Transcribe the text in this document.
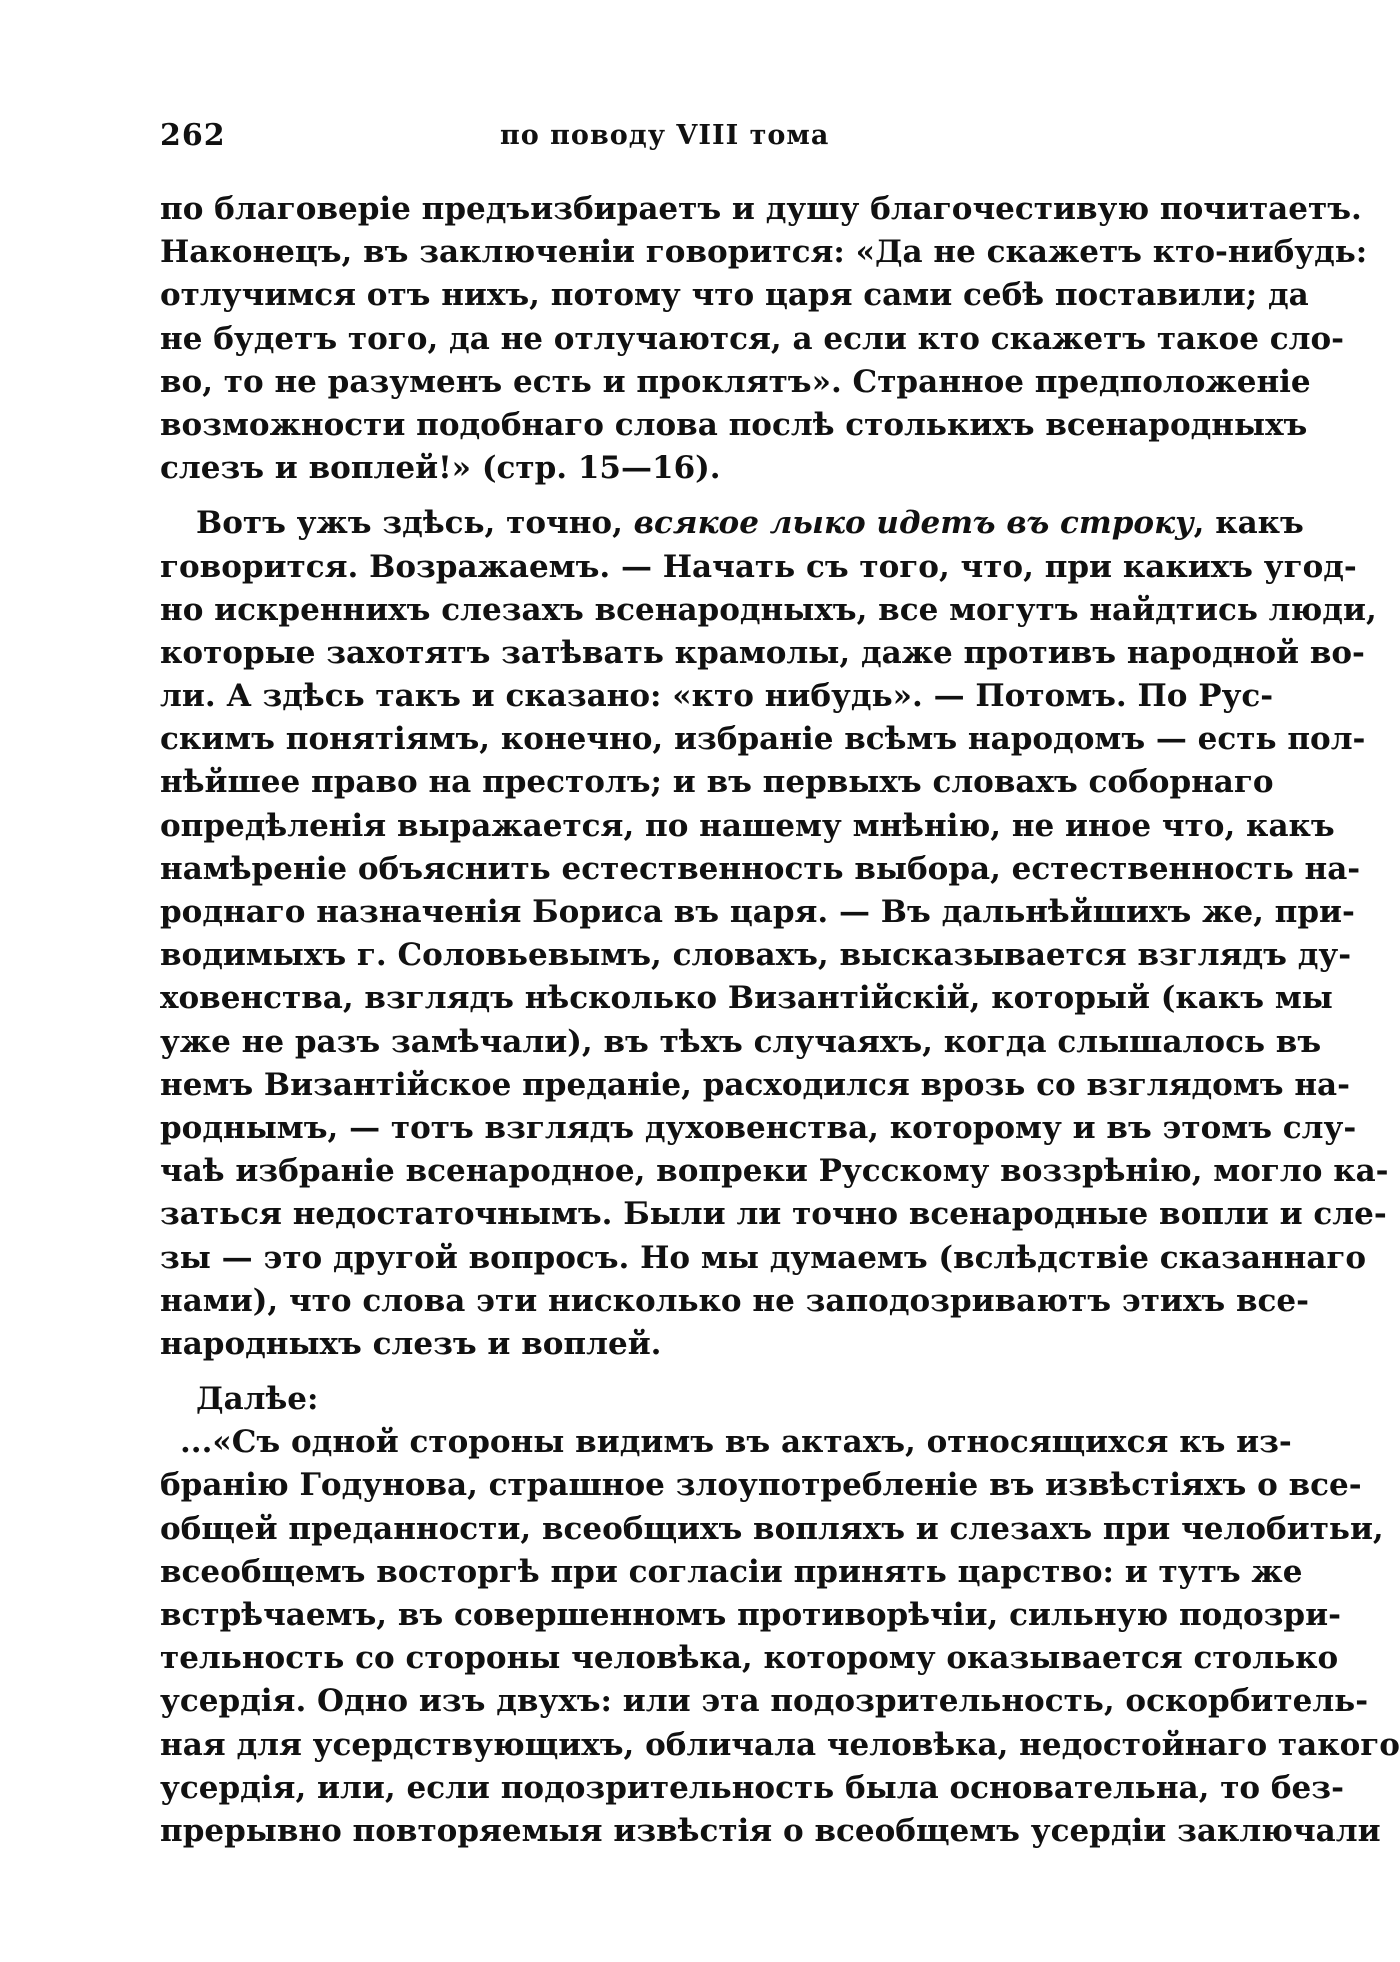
262	по поводу VIII тома
по благоверіе предъизбираетъ и душу благочестивую почитаетъ.
Наконецъ, въ заключеніи говорится: «Да не скажетъ кто-нибудь:
отлучимся отъ нихъ, потому что царя сами себѣ поставили; да
не будетъ того, да не отлучаются, а если кто скажетъ такое сло-
во, то не разуменъ есть и проклятъ». Странное предположеніе
возможности подобнаго слова послѣ столькихъ всенародныхъ
слезъ и воплей!» (стр. 15—16).
Вотъ ужъ здѣсь, точно, всякое лыко идетъ въ строку, какъ
говорится. Возражаемъ. — Начать съ того, что, при какихъ угод-
но искреннихъ слезахъ всенародныхъ, все могутъ найдтись люди,
которые захотятъ затѣвать крамолы, даже противъ народной во-
ли. А здѣсь такъ и сказано: «кто нибудь». — Потомъ. По Рус-
скимъ понятіямъ, конечно, избраніе всѣмъ народомъ — есть пол-
нѣйшее право на престолъ; и въ первыхъ словахъ соборнаго
опредѣленія выражается, по нашему мнѣнію, не иное что, какъ
намѣреніе объяснить естественность выбора, естественность на-
роднаго назначенія Бориса въ царя. — Въ дальнѣйшихъ же, при-
водимыхъ г. Соловьевымъ, словахъ, высказывается взглядъ ду-
ховенства, взглядъ нѣсколько Византійскій, который (какъ мы
уже не разъ замѣчали), въ тѣхъ случаяхъ, когда слышалось въ
немъ Византійское преданіе, расходился врозь со взглядомъ на-
роднымъ, — тотъ взглядъ духовенства, которому и въ этомъ слу-
чаѣ избраніе всенародное, вопреки Русскому воззрѣнію, могло ка-
заться недостаточнымъ. Были ли точно всенародные вопли и сле-
зы — это другой вопросъ. Но мы думаемъ (вслѣдствіе сказаннаго
нами), что слова эти нисколько не заподозриваютъ этихъ все-
народныхъ слезъ и воплей.
Далѣе:
...«Съ одной стороны видимъ въ актахъ, относящихся къ из-
бранію Годунова, страшное злоупотребленіе въ извѣстіяхъ о все-
общей преданности, всеобщихъ вопляхъ и слезахъ при челобитьи,
всеобщемъ восторгѣ при согласіи принять царство: и тутъ же
встрѣчаемъ, въ совершенномъ противорѣчіи, сильную подозри-
тельность со стороны человѣка, которому оказывается столько
усердія. Одно изъ двухъ: или эта подозрительность, оскорбитель-
ная для усердствующихъ, обличала человѣка, недостойнаго такого
усердія, или, если подозрительность была основательна, то без-
прерывно повторяемыя извѣстія о всеобщемъ усердіи заключали
